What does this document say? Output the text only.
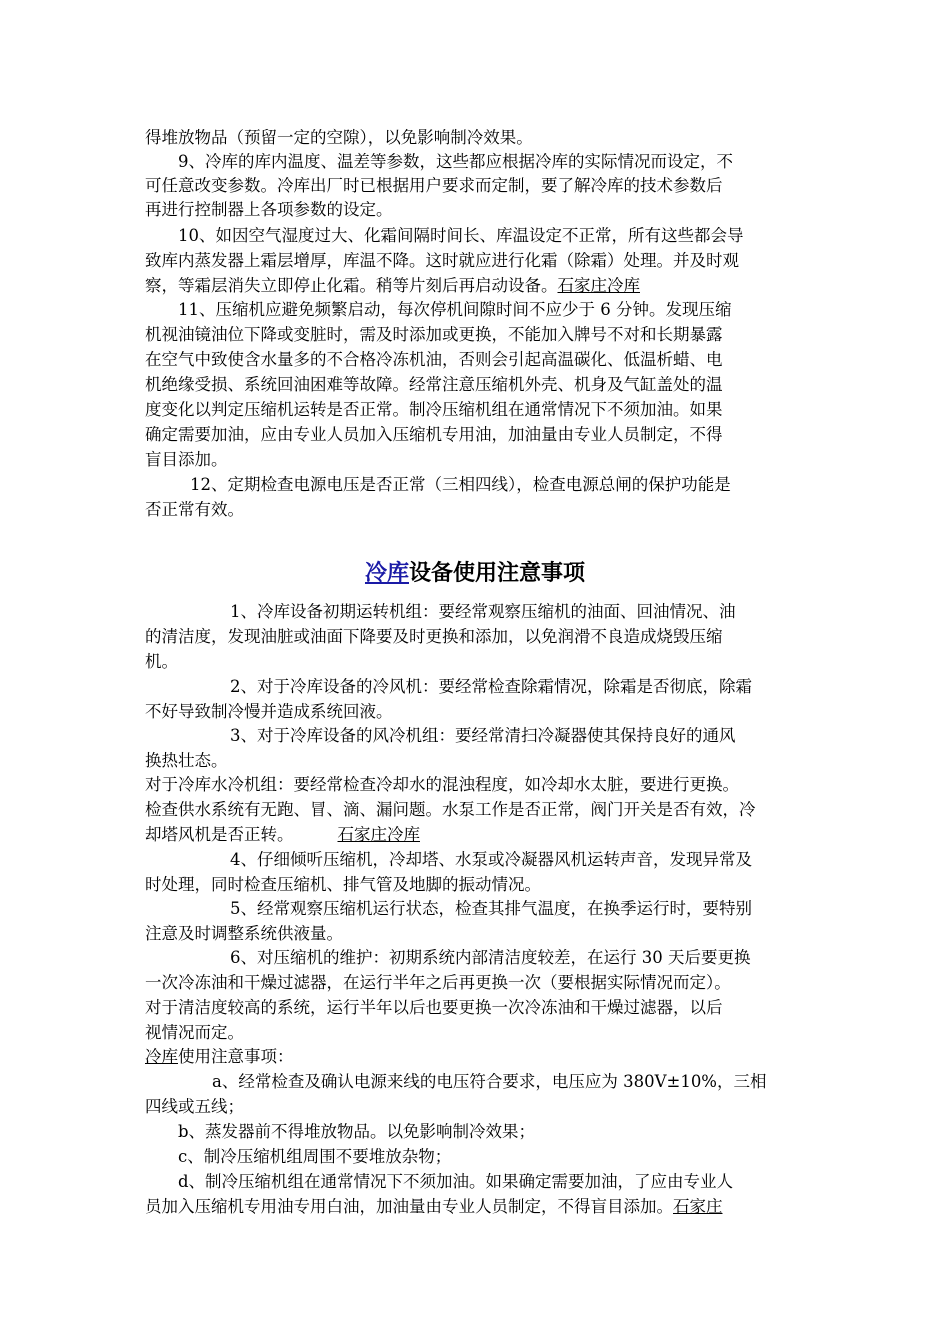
得堆放物品（预留一定的空隙），以免影响制冷效果。
9、冷库的库内温度、温差等参数，这些都应根据冷库的实际情况而设定，不
可任意改变参数。冷库出厂时已根据用户要求而定制，要了解冷库的技术参数后
再进行控制器上各项参数的设定。
10、如因空气湿度过大、化霜间隔时间长、库温设定不正常，所有这些都会导
致库内蒸发器上霜层增厚，库温不降。这时就应进行化霜（除霜）处理。并及时观
察，等霜层消失立即停止化霜。稍等片刻后再启动设备。石家庄冷库
11、压缩机应避免频繁启动，每次停机间隙时间不应少于 6 分钟。发现压缩
机视油镜油位下降或变脏时，需及时添加或更换，不能加入牌号不对和长期暴露
在空气中致使含水量多的不合格冷冻机油，否则会引起高温碳化、低温析蜡、电
机绝缘受损、系统回油困难等故障。经常注意压缩机外壳、机身及气缸盖处的温
度变化以判定压缩机运转是否正常。制冷压缩机组在通常情况下不须加油。如果
确定需要加油，应由专业人员加入压缩机专用油，加油量由专业人员制定，不得
盲目添加。
12、定期检查电源电压是否正常（三相四线），检查电源总闸的保护功能是
否正常有效。
冷库设备使用注意事项
1、冷库设备初期运转机组：要经常观察压缩机的油面、回油情况、油
的清洁度，发现油脏或油面下降要及时更换和添加，以免润滑不良造成烧毁压缩
机。
2、对于冷库设备的冷风机：要经常检查除霜情况，除霜是否彻底，除霜
不好导致制冷慢并造成系统回液。
3、对于冷库设备的风冷机组：要经常清扫冷凝器使其保持良好的通风
换热壮态。
对于冷库水冷机组：要经常检查冷却水的混浊程度，如冷却水太脏，要进行更换。
检查供水系统有无跑、冒、滴、漏问题。水泵工作是否正常，阀门开关是否有效，冷
却塔风机是否正转。	石家庄冷库
4、仔细倾听压缩机，冷却塔、水泵或冷凝器风机运转声音，发现异常及
时处理，同时检查压缩机、排气管及地脚的振动情况。
5、经常观察压缩机运行状态，检查其排气温度，在换季运行时，要特别
注意及时调整系统供液量。
6、对压缩机的维护：初期系统内部清洁度较差，在运行 30 天后要更换
一次冷冻油和干燥过滤器，在运行半年之后再更换一次（要根据实际情况而定）。
对于清洁度较高的系统，运行半年以后也要更换一次冷冻油和干燥过滤器，以后
视情况而定。
冷库使用注意事项：
a、经常检查及确认电源来线的电压符合要求，电压应为 380V±10%，三相
四线或五线；
b、蒸发器前不得堆放物品。以免影响制冷效果；
c、制冷压缩机组周围不要堆放杂物；
d、制冷压缩机组在通常情况下不须加油。如果确定需要加油，了应由专业人
员加入压缩机专用油专用白油，加油量由专业人员制定，不得盲目添加。石家庄
